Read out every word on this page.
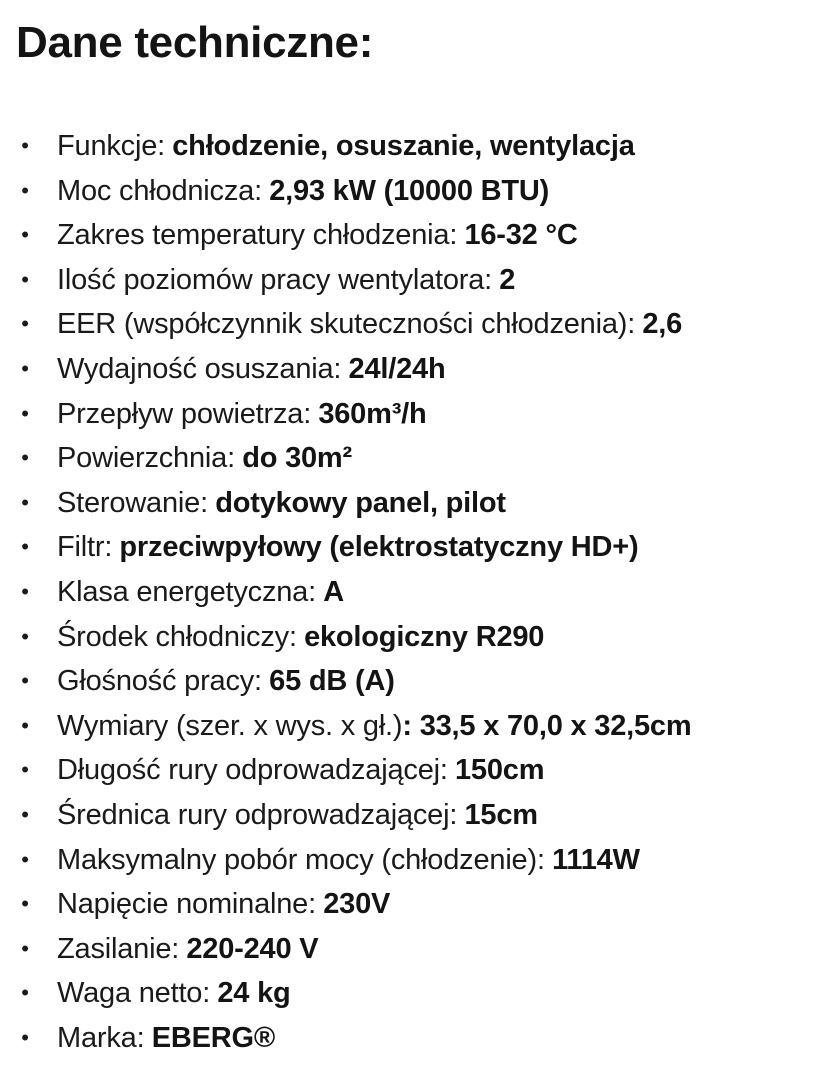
Dane techniczne:
• Funkcje: chłodzenie, osuszanie, wentylacja
• Moc chłodnicza: 2,93 kW (10000 BTU)
• Zakres temperatury chłodzenia: 16-32 °C
• Ilość poziomów pracy wentylatora: 2
• EER (współczynnik skuteczności chłodzenia): 2,6
• Wydajność osuszania: 24l/24h
• Przepływ powietrza: 360m³/h
• Powierzchnia: do 30m²
• Sterowanie: dotykowy panel, pilot
• Filtr: przeciwpyłowy (elektrostatyczny HD+)
• Klasa energetyczna: A
• Środek chłodniczy: ekologiczny R290
• Głośność pracy: 65 dB (A)
• Wymiary (szer. x wys. x gł.) : 33,5 x 70,0 x 32,5cm
• Długość rury odprowadzającej: 150cm
• Średnica rury odprowadzającej: 15cm
• Maksymalny pobór mocy (chłodzenie): 1114W
• Napięcie nominalne: 230V
• Zasilanie: 220-240 V
• Waga netto: 24 kg
• Marka: EBERG®
